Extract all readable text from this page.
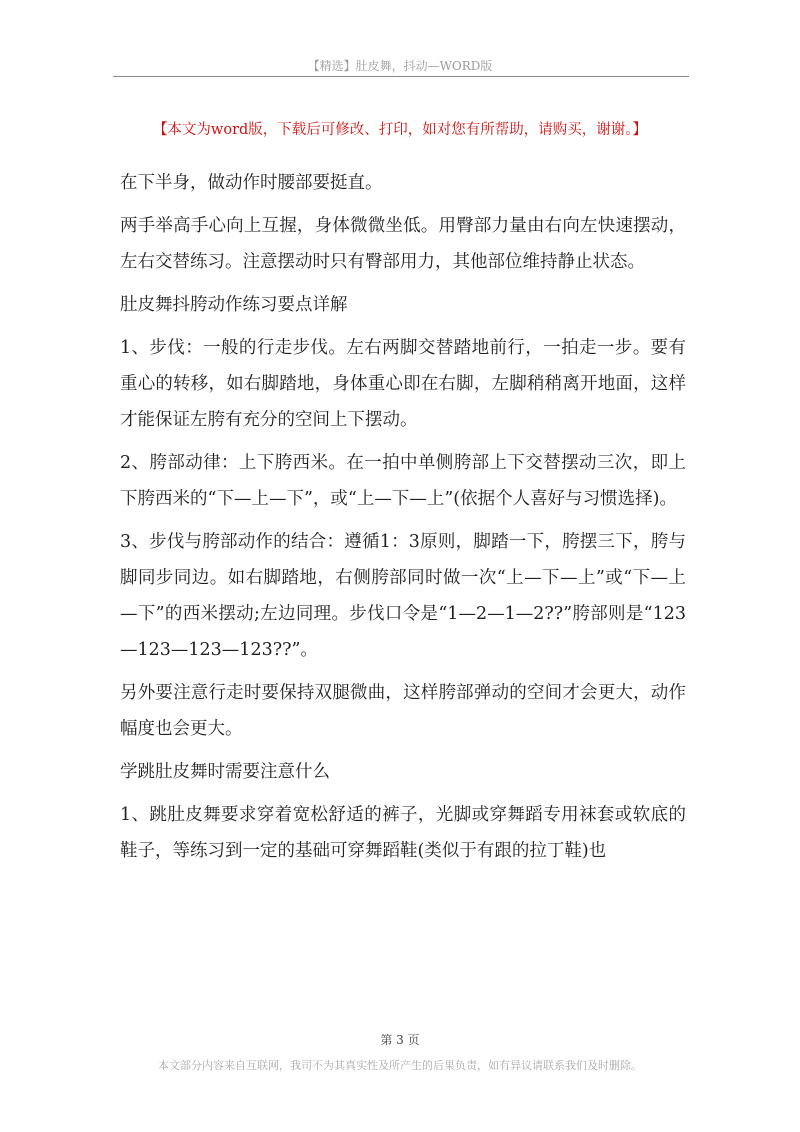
【精选】肚皮舞，抖动—WORD版
【本文为word版，下载后可修改、打印，如对您有所帮助，请购买，谢谢。】

在下半身，做动作时腰部要挺直。

两手举高手心向上互握，身体微微坐低。用臀部力量由右向左快速摆动，左右交替练习。注意摆动时只有臀部用力，其他部位维持静止状态。

肚皮舞抖胯动作练习要点详解

1、步伐：一般的行走步伐。左右两脚交替踏地前行，一拍走一步。要有重心的转移，如右脚踏地，身体重心即在右脚，左脚稍稍离开地面，这样才能保证左胯有充分的空间上下摆动。

2、胯部动律：上下胯西米。在一拍中单侧胯部上下交替摆动三次，即上下胯西米的“下—上—下”，或“上—下—上”(依据个人喜好与习惯选择)。

3、步伐与胯部动作的结合：遵循1：3原则，脚踏一下，胯摆三下，胯与脚同步同边。如右脚踏地，右侧胯部同时做一次“上—下—上”或“下—上—下”的西米摆动;左边同理。步伐口令是“1—2—1—2??”胯部则是“123—123—123—123??”。

另外要注意行走时要保持双腿微曲，这样胯部弹动的空间才会更大，动作幅度也会更大。

学跳肚皮舞时需要注意什么

1、跳肚皮舞要求穿着宽松舒适的裤子，光脚或穿舞蹈专用袜套或软底的鞋子，等练习到一定的基础可穿舞蹈鞋(类似于有跟的拉丁鞋)也

第 3 页
本文部分内容来自互联网，我司不为其真实性及所产生的后果负责，如有异议请联系我们及时删除。
